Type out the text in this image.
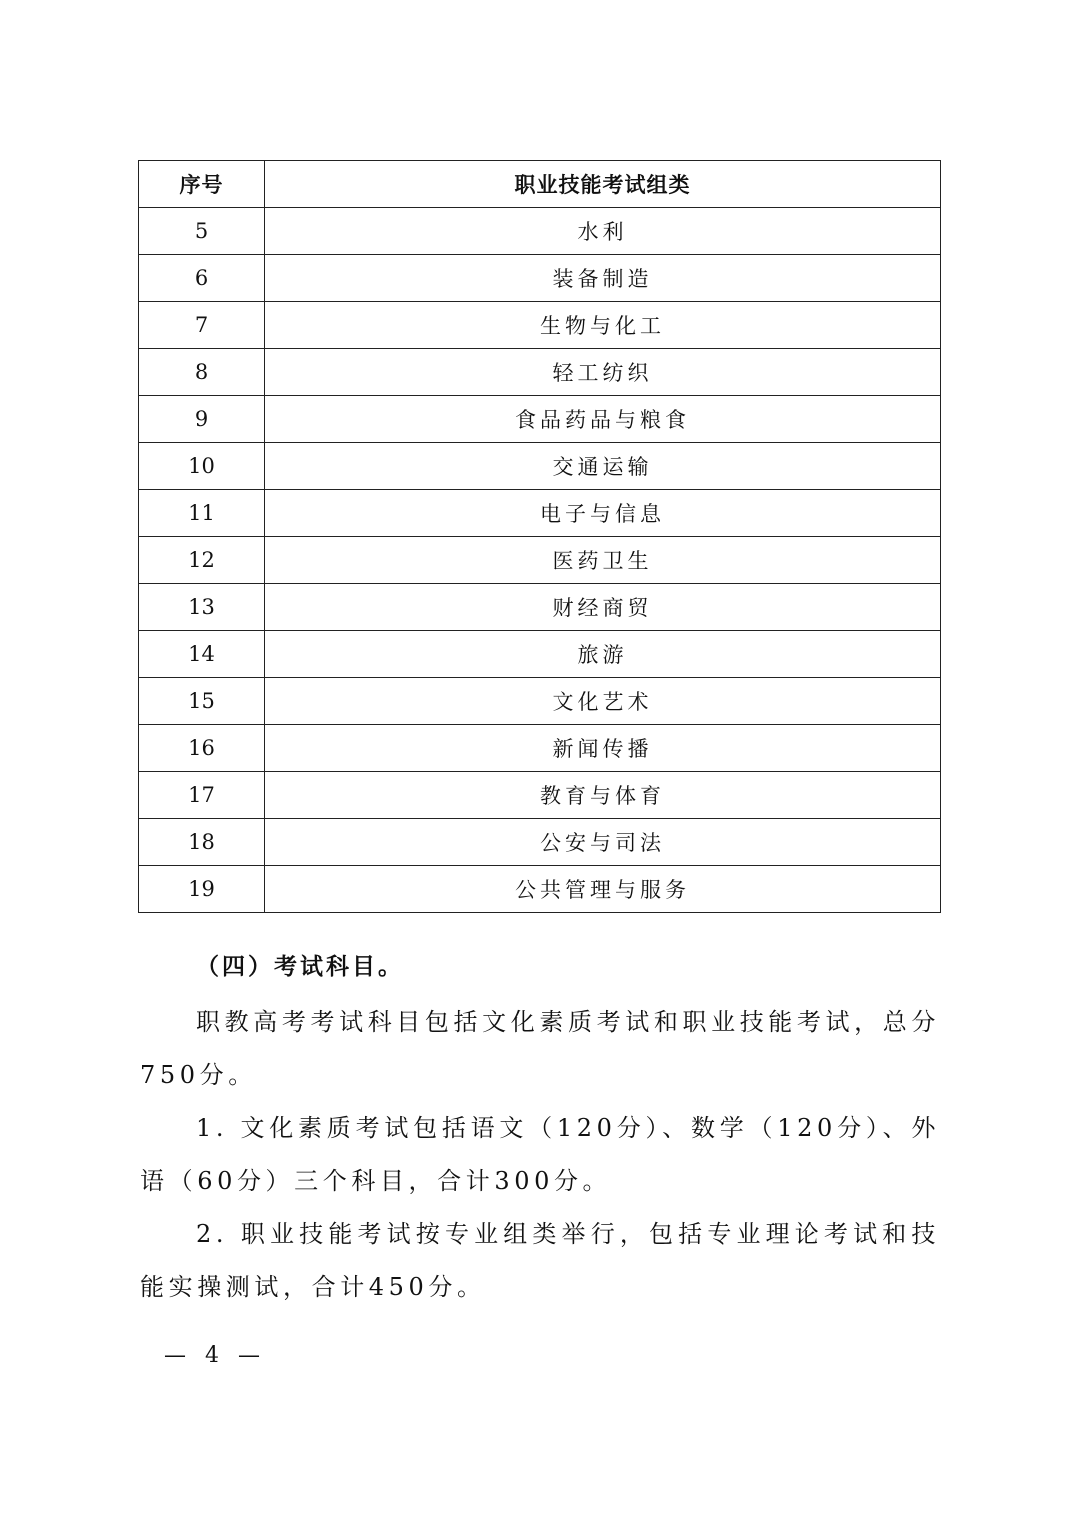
序号	职业技能考试组类
5	水利
6	装备制造
7	生物与化工
8	轻工纺织
9	食品药品与粮食
10	交通运输
11	电子与信息
12	医药卫生
13	财经商贸
14	旅游
15	文化艺术
16	新闻传播
17	教育与体育
18	公安与司法
19	公共管理与服务
（四）考试科目。

职教高考考试科目包括文化素质考试和职业技能考试，总分750分。

1. 文化素质考试包括语文（120分）、数学（120分）、外语（60分）三个科目，合计300分。

2. 职业技能考试按专业组类举行，包括专业理论考试和技能实操测试，合计450分。

— 4 —
